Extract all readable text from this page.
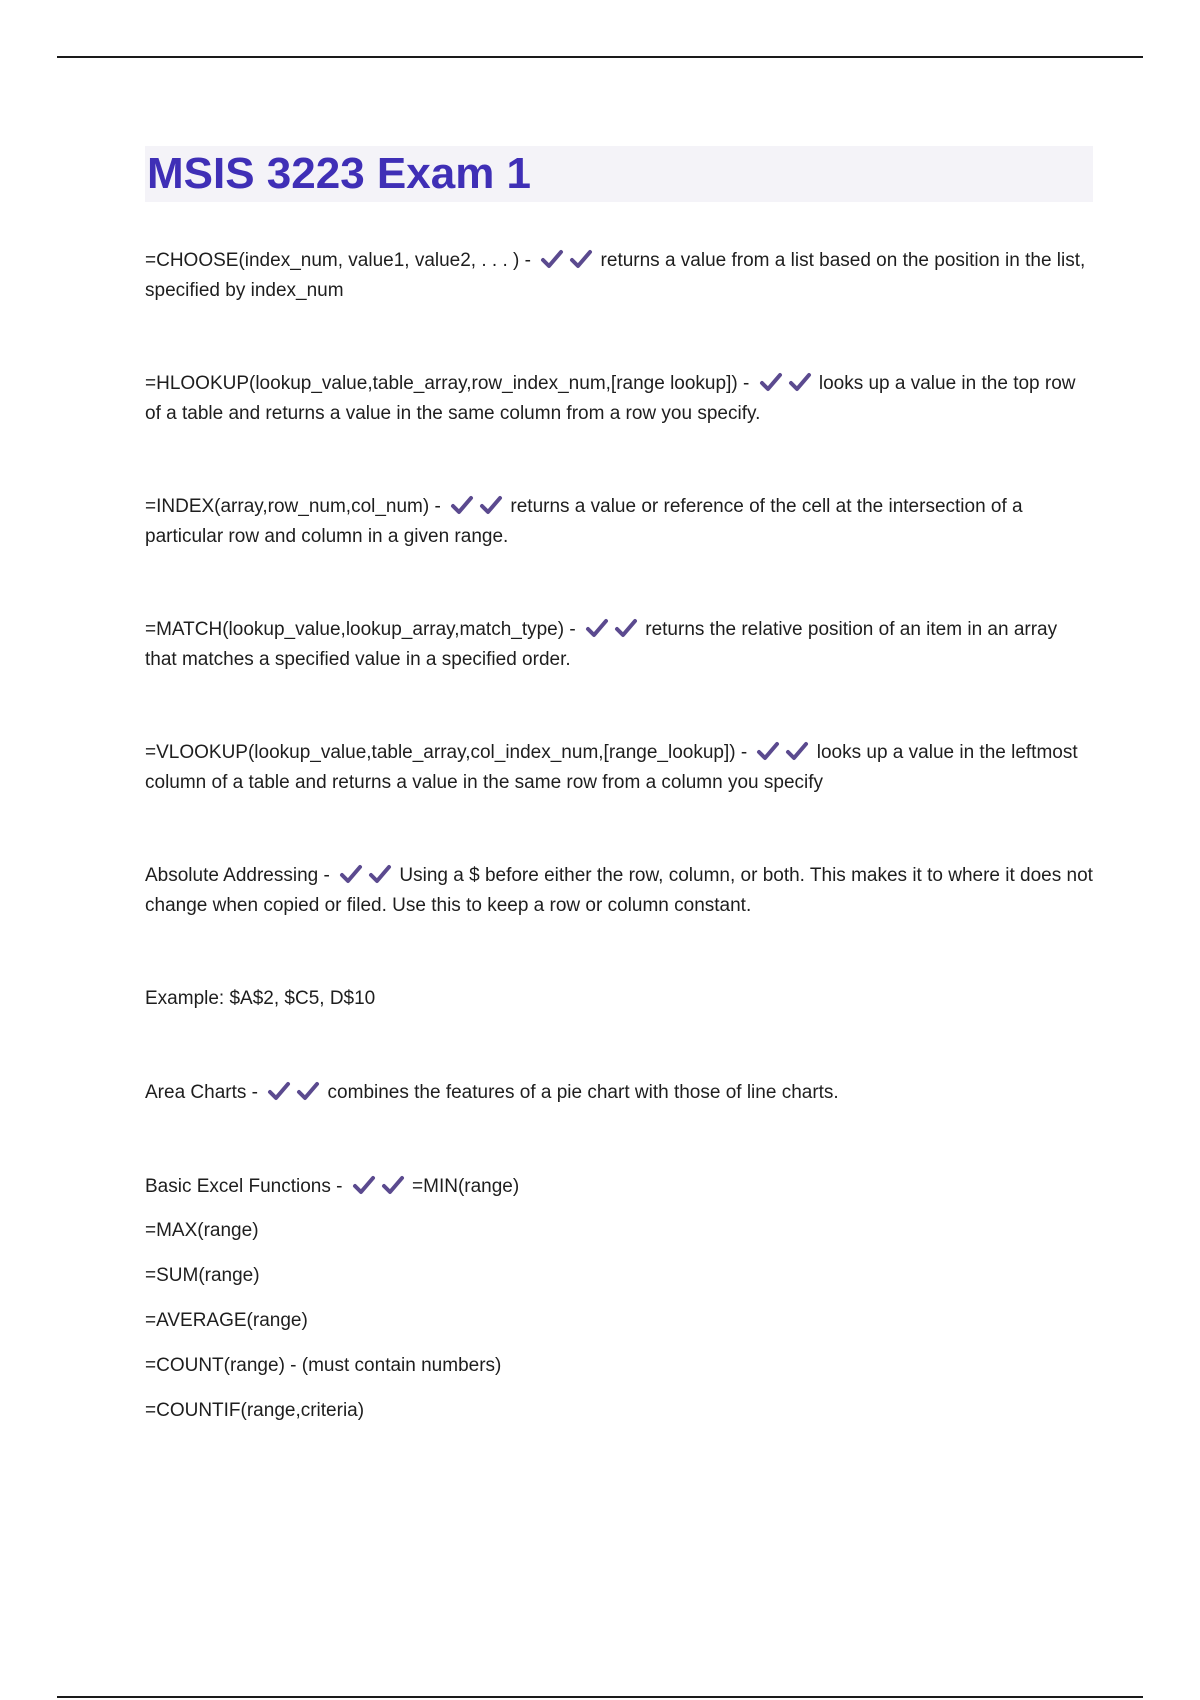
MSIS 3223 Exam 1

=CHOOSE(index_num, value1, value2, . . . ) -	returns a value from a list based on the position in the list, specified by index_num

=HLOOKUP(lookup_value,table_array,row_index_num,[range lookup]) -	looks up a value in the top row of a table and returns a value in the same column from a row you specify.

=INDEX(array,row_num,col_num) -	returns a value or reference of the cell at the intersection of a particular row and column in a given range.

=MATCH(lookup_value,lookup_array,match_type) -	returns the relative position of an item in an array that matches a specified value in a specified order.

=VLOOKUP(lookup_value,table_array,col_index_num,[range_lookup]) -	looks up a value in the leftmost column of a table and returns a value in the same row from a column you specify

Absolute Addressing -	Using a $ before either the row, column, or both. This makes it to where it does not change when copied or filed. Use this to keep a row or column constant.

Example: $A$2, $C5, D$10

Area Charts -	combines the features of a pie chart with those of line charts.

Basic Excel Functions -	=MIN(range)

=MAX(range)
=SUM(range)
=AVERAGE(range)
=COUNT(range) - (must contain numbers)
=COUNTIF(range,criteria)
